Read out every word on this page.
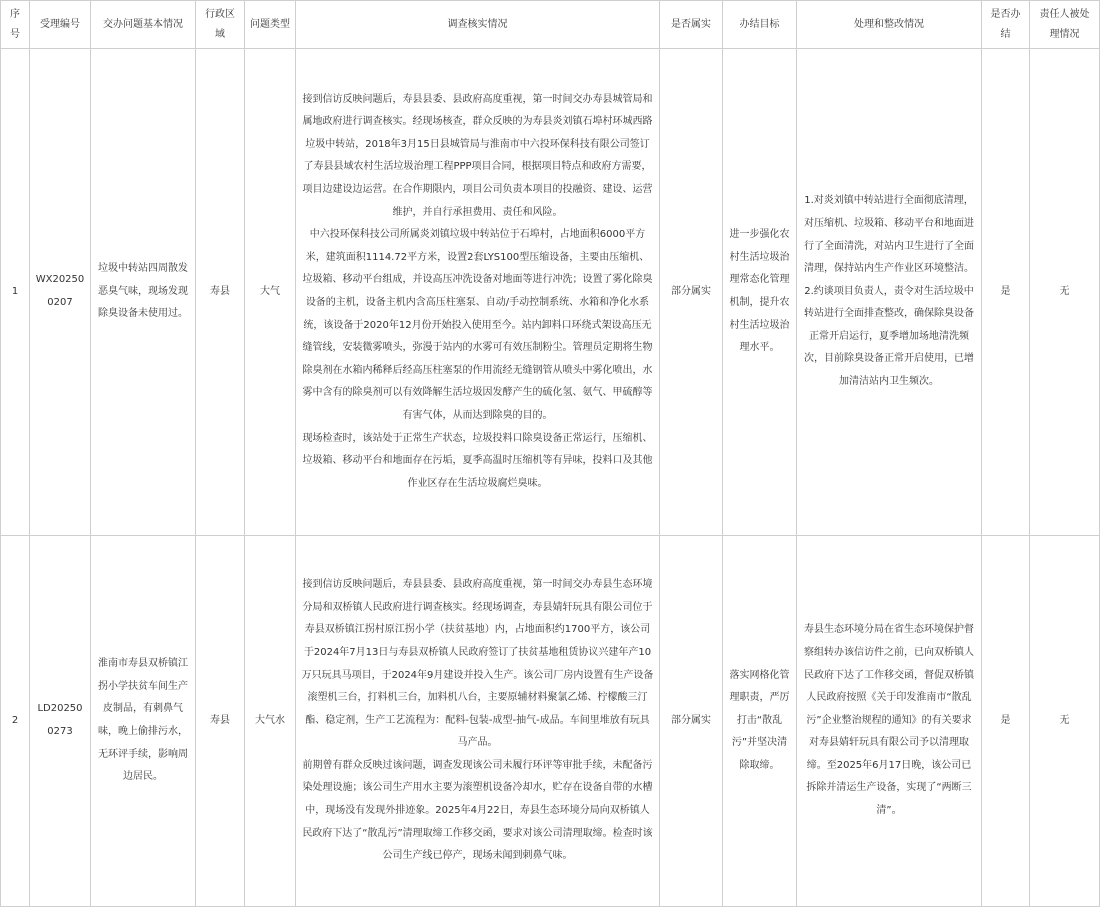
序号	受理编号	交办问题基本情况	行政区域	问题类型	调查核实情况	是否属实	办结目标	处理和整改情况	是否办结	责任人被处理情况
1	WX202500207	垃圾中转站四周散发恶臭气味，现场发现除臭设备未使用过。	寿县	大气	接到信访反映问题后，寿县县委、县政府高度重视，第一时间交办寿县城管局和属地政府进行调查核实。经现场核查，群众反映的为寿县炎刘镇石埠村环城西路垃圾中转站，2018年3月15日县城管局与淮南市中六投环保科技有限公司签订了寿县县域农村生活垃圾治理工程PPP项目合同，根据项目特点和政府方需要，项目边建设边运营。在合作期限内，项目公司负责本项目的投融资、建设、运营维护，并自行承担费用、责任和风险。
中六投环保科技公司所属炎刘镇垃圾中转站位于石埠村，占地面积6000平方米，建筑面积1114.72平方米，设置2套LYS100型压缩设备，主要由压缩机、垃圾箱、移动平台组成，并设高压冲洗设备对地面等进行冲洗；设置了雾化除臭设备的主机，设备主机内含高压柱塞泵、自动/手动控制系统、水箱和净化水系统，该设备于2020年12月份开始投入使用至今。站内卸料口环绕式架设高压无缝管线，安装微雾喷头，弥漫于站内的水雾可有效压制粉尘。管理员定期将生物除臭剂在水箱内稀释后经高压柱塞泵的作用流经无缝钢管从喷头中雾化喷出，水雾中含有的除臭剂可以有效降解生活垃圾因发酵产生的硫化氢、氨气、甲硫醇等有害气体，从而达到除臭的目的。
现场检查时，该站处于正常生产状态，垃圾投料口除臭设备正常运行，压缩机、垃圾箱、移动平台和地面存在污垢，夏季高温时压缩机等有异味，投料口及其他作业区存在生活垃圾腐烂臭味。	部分属实	进一步强化农村生活垃圾治理常态化管理机制，提升农村生活垃圾治理水平。	1.对炎刘镇中转站进行全面彻底清理，对压缩机、垃圾箱、移动平台和地面进行了全面清洗，对站内卫生进行了全面清理，保持站内生产作业区环境整洁。
2.约谈项目负责人，责令对生活垃圾中转站进行全面排查整改，确保除臭设备正常开启运行，夏季增加场地清洗频次，目前除臭设备正常开启使用，已增加清洁站内卫生频次。	是	无
2	LD202500273	淮南市寿县双桥镇江拐小学扶贫车间生产皮制品，有刺鼻气味，晚上偷排污水，无环评手续，影响周边居民。	寿县	大气水	接到信访反映问题后，寿县县委、县政府高度重视，第一时间交办寿县生态环境分局和双桥镇人民政府进行调查核实。经现场调查，寿县婧轩玩具有限公司位于寿县双桥镇江拐村原江拐小学（扶贫基地）内，占地面积约1700平方，该公司于2024年7月13日与寿县双桥镇人民政府签订了扶贫基地租赁协议兴建年产10万只玩具马项目，于2024年9月建设并投入生产。该公司厂房内设置有生产设备滚塑机三台，打料机三台，加料机八台，主要原辅材料聚氯乙烯、柠檬酸三汀酯、稳定剂，生产工艺流程为：配料-包装-成型-抽气-成品。车间里堆放有玩具马产品。
前期曾有群众反映过该问题，调查发现该公司未履行环评等审批手续，未配备污染处理设施；该公司生产用水主要为滚塑机设备冷却水，贮存在设备自带的水槽中，现场没有发现外排迹象。2025年4月22日，寿县生态环境分局向双桥镇人民政府下达了“散乱污”清理取缔工作移交函，要求对该公司清理取缔。检查时该公司生产线已停产，现场未闻到刺鼻气味。	部分属实	落实网格化管理职责，严厉打击“散乱污”并坚决清除取缔。	寿县生态环境分局在省生态环境保护督察组转办该信访件之前，已向双桥镇人民政府下达了工作移交函，督促双桥镇人民政府按照《关于印发淮南市“散乱污”企业整治规程的通知》的有关要求对寿县婧轩玩具有限公司予以清理取缔。至2025年6月17日晚，该公司已拆除并清运生产设备，实现了“两断三清”。	是	无
